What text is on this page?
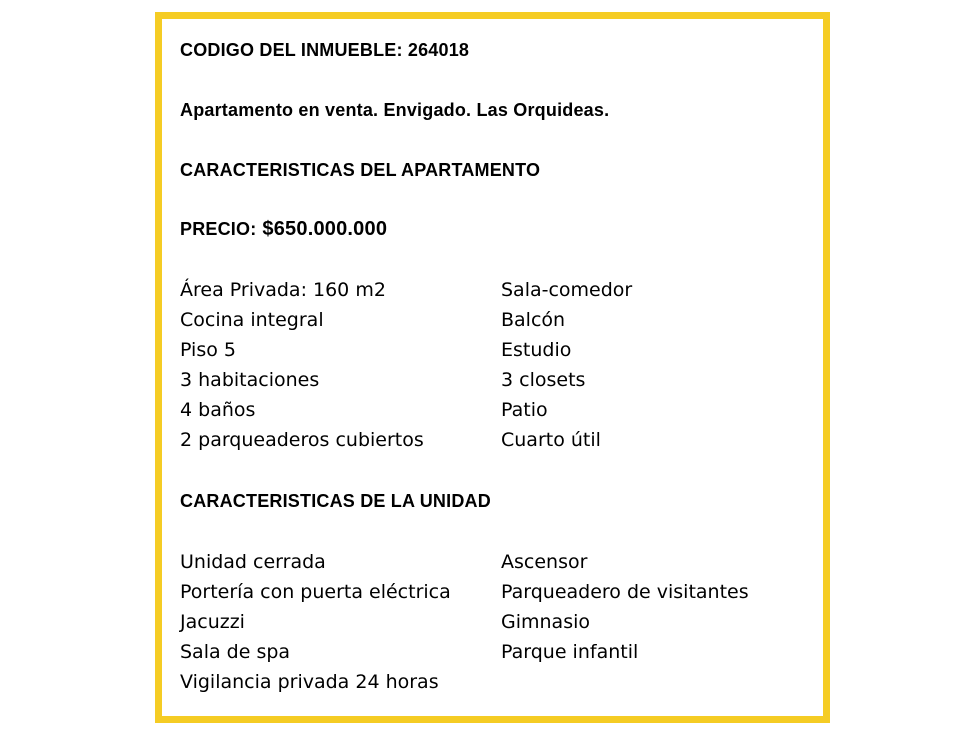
CODIGO DEL INMUEBLE: 264018
Apartamento en venta. Envigado. Las Orquideas.
CARACTERISTICAS DEL APARTAMENTO
PRECIO: $650.000.000
Área Privada: 160 m2	Sala-comedor
Cocina integral	Balcón
Piso 5	Estudio
3 habitaciones	3 closets
4 baños	Patio
2 parqueaderos cubiertos	Cuarto útil
CARACTERISTICAS DE LA UNIDAD
Unidad cerrada	Ascensor
Portería con puerta eléctrica	Parqueadero de visitantes
Jacuzzi	Gimnasio
Sala de spa	Parque infantil
Vigilancia privada 24 horas
